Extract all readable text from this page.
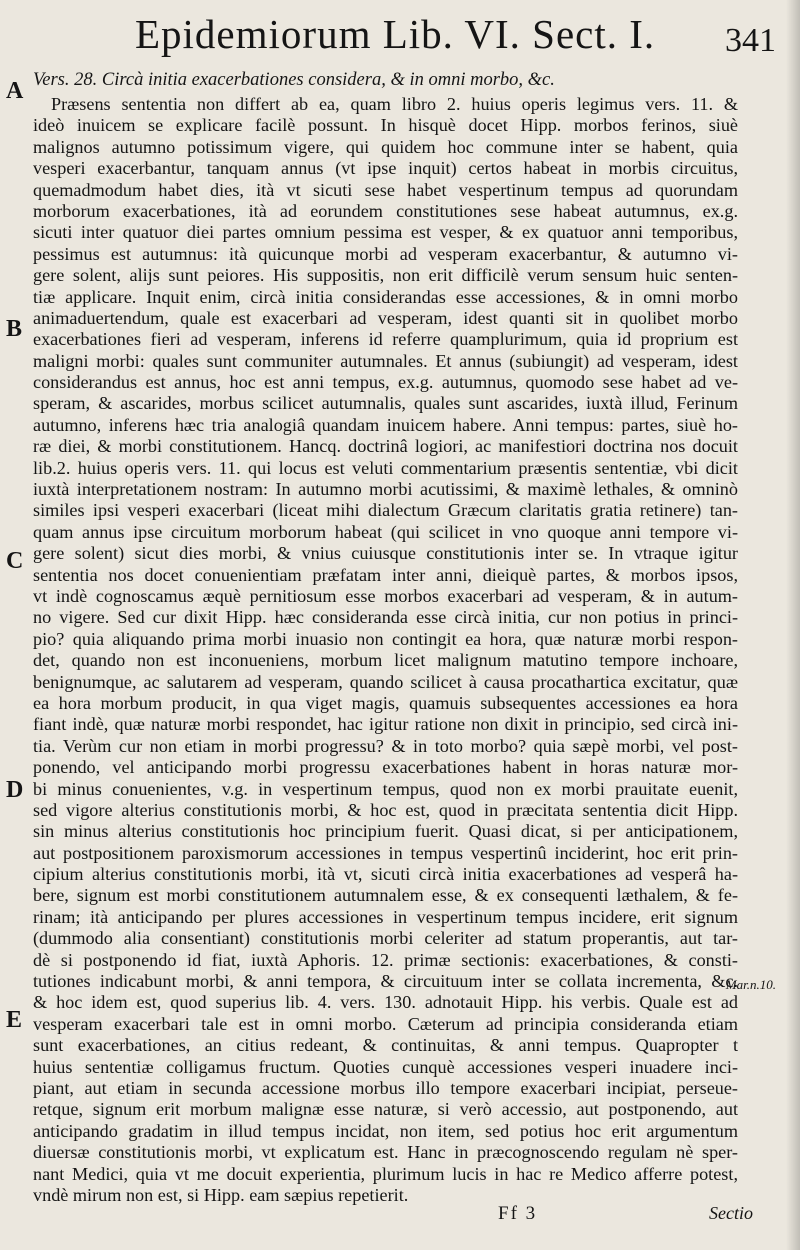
Epidemiorum Lib. VI. Sect. I. 341
Vers. 28. Circà initia exacerbationes considera, & in omni morbo, &c.
A
B
C
D
E
Mar.n.10.
Præsens sententia non differt ab ea, quam libro 2. huius operis legimus vers. 11. &
ideò inuicem se explicare facilè possunt. In hisquè docet Hipp. morbos ferinos, siuè
malignos autumno potissimum vigere, qui quidem hoc commune inter se habent, quia
vesperi exacerbantur, tanquam annus (vt ipse inquit) certos habeat in morbis circuitus,
quemadmodum habet dies, ità vt sicuti sese habet vespertinum tempus ad quorundam
morborum exacerbationes, ità ad eorundem constitutiones sese habeat autumnus, ex.g.
sicuti inter quatuor diei partes omnium pessima est vesper, & ex quatuor anni temporibus,
pessimus est autumnus: ità quicunque morbi ad vesperam exacerbantur, & autumno vi-
gere solent, alijs sunt peiores. His suppositis, non erit difficilè verum sensum huic senten-
tiæ applicare. Inquit enim, circà initia considerandas esse accessiones, & in omni morbo
animaduertendum, quale est exacerbari ad vesperam, idest quanti sit in quolibet morbo
exacerbationes fieri ad vesperam, inferens id referre quamplurimum, quia id proprium est
maligni morbi: quales sunt communiter autumnales. Et annus (subiungit) ad vesperam, idest
considerandus est annus, hoc est anni tempus, ex.g. autumnus, quomodo sese habet ad ve-
speram, & ascarides, morbus scilicet autumnalis, quales sunt ascarides, iuxtà illud, Ferinum
autumno, inferens hæc tria analogiâ quandam inuicem habere. Anni tempus: partes, siuè ho-
ræ diei, & morbi constitutionem. Hancq. doctrinâ logiori, ac manifestiori doctrina nos docuit
lib.2. huius operis vers. 11. qui locus est veluti commentarium præsentis sententiæ, vbi dicit
iuxtà interpretationem nostram: In autumno morbi acutissimi, & maximè lethales, & omninò
similes ipsi vesperi exacerbari (liceat mihi dialectum Græcum claritatis gratia retinere) tan-
quam annus ipse circuitum morborum habeat (qui scilicet in vno quoque anni tempore vi-
gere solent) sicut dies morbi, & vnius cuiusque constitutionis inter se. In vtraque igitur
sententia nos docet conuenientiam præfatam inter anni, dieiquè partes, & morbos ipsos,
vt indè cognoscamus æquè pernitiosum esse morbos exacerbari ad vesperam, & in autum-
no vigere. Sed cur dixit Hipp. hæc consideranda esse circà initia, cur non potius in princi-
pio? quia aliquando prima morbi inuasio non contingit ea hora, quæ naturæ morbi respon-
det, quando non est inconueniens, morbum licet malignum matutino tempore inchoare,
benignumque, ac salutarem ad vesperam, quando scilicet à causa procathartica excitatur, quæ
ea hora morbum producit, in qua viget magis, quamuis subsequentes accessiones ea hora
fiant indè, quæ naturæ morbi respondet, hac igitur ratione non dixit in principio, sed circà ini-
tia. Verùm cur non etiam in morbi progressu? & in toto morbo? quia sæpè morbi, vel post-
ponendo, vel anticipando morbi progressu exacerbationes habent in horas naturæ mor-
bi minus conuenientes, v.g. in vespertinum tempus, quod non ex morbi prauitate euenit,
sed vigore alterius constitutionis morbi, & hoc est, quod in præcitata sententia dicit Hipp.
sin minus alterius constitutionis hoc principium fuerit. Quasi dicat, si per anticipationem,
aut postpositionem paroxismorum accessiones in tempus vespertinû inciderint, hoc erit prin-
cipium alterius constitutionis morbi, ità vt, sicuti circà initia exacerbationes ad vesperâ ha-
bere, signum est morbi constitutionem autumnalem esse, & ex consequenti læthalem, & fe-
rinam; ità anticipando per plures accessiones in vespertinum tempus incidere, erit signum
(dummodo alia consentiant) constitutionis morbi celeriter ad statum properantis, aut tar-
dè si postponendo id fiat, iuxtà Aphoris. 12. primæ sectionis: exacerbationes, & consti-
tutiones indicabunt morbi, & anni tempora, & circuituum inter se collata incrementa, &c.
& hoc idem est, quod superius lib. 4. vers. 130. adnotauit Hipp. his verbis. Quale est ad
vesperam exacerbari tale est in omni morbo. Cæterum ad principia consideranda etiam
sunt exacerbationes, an citius redeant, & continuitas, & anni tempus. Quapropter t
huius sententiæ colligamus fructum. Quoties cunquè accessiones vesperi inuadere inci-
piant, aut etiam in secunda accessione morbus illo tempore exacerbari incipiat, perseue-
retque, signum erit morbum malignæ esse naturæ, si verò accessio, aut postponendo, aut
anticipando gradatim in illud tempus incidat, non item, sed potius hoc erit argumentum
diuersæ constitutionis morbi, vt explicatum est. Hanc in præcognoscendo regulam nè sper-
nant Medici, quia vt me docuit experientia, plurimum lucis in hac re Medico afferre potest,
vndè mirum non est, si Hipp. eam sæpius repetierit.
Ff 3	Sectio
